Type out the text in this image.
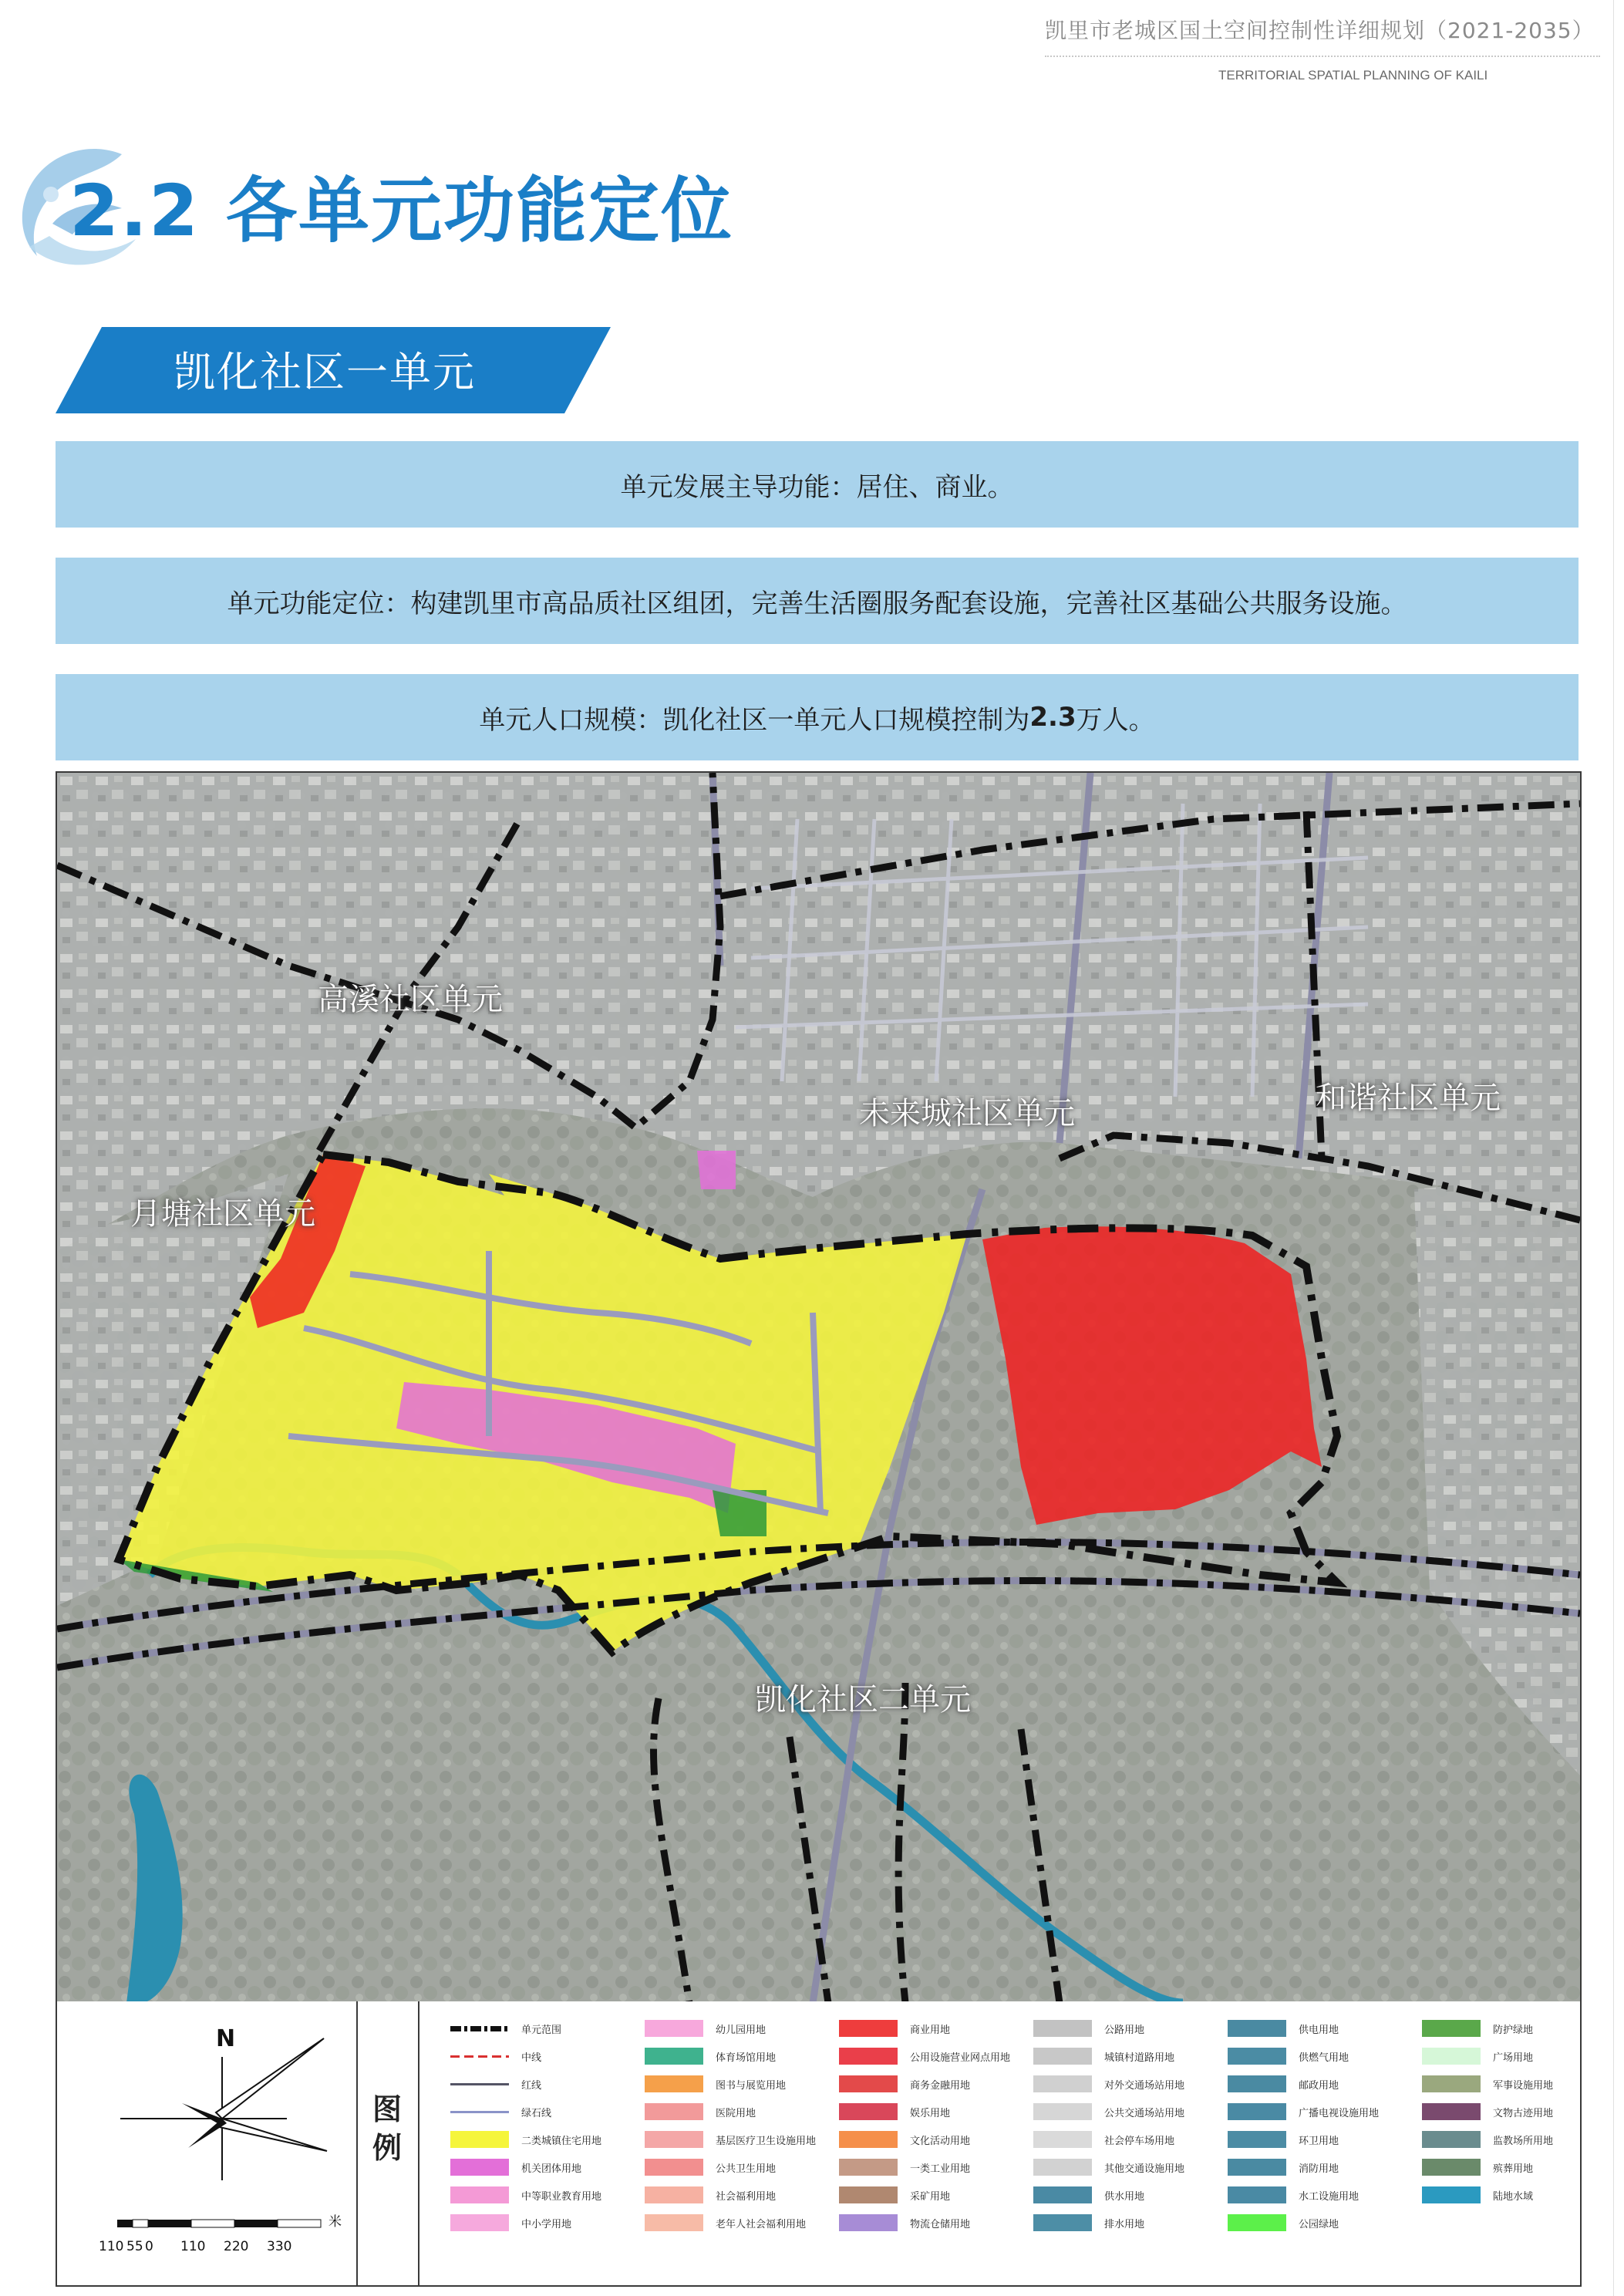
凯里市老城区国土空间控制性详细规划（2021-2035）
TERRITORIAL SPATIAL PLANNING OF KAILI
2.2 各单元功能定位
凯化社区一单元
单元发展主导功能：居住、商业。
单元功能定位：构建凯里市高品质社区组团，完善生活圈服务配套设施，完善社区基础公共服务设施。
单元人口规模：凯化社区一单元人口规模控制为 2.3 万人。
高溪社区单元
未来城社区单元	和谐社区单元
月塘社区单元
凯化社区二单元
N
米
110 55 0 110 220 330
图
例
单元范围
中线
红线
绿石线
二类城镇住宅用地
机关团体用地
中等职业教育用地
中小学用地
幼儿园用地
体育场馆用地
图书与展览用地
医院用地
基层医疗卫生设施用地
公共卫生用地
社会福利用地
老年人社会福利用地
商业用地
公用设施营业网点用地
商务金融用地
娱乐用地
文化活动用地
一类工业用地
采矿用地
物流仓储用地
公路用地
城镇村道路用地
对外交通场站用地
公共交通场站用地
社会停车场用地
其他交通设施用地
供水用地
排水用地
供电用地
供燃气用地
邮政用地
广播电视设施用地
环卫用地
消防用地
水工设施用地
公园绿地
防护绿地
广场用地
军事设施用地
文物古迹用地
监教场所用地
殡葬用地
陆地水域
